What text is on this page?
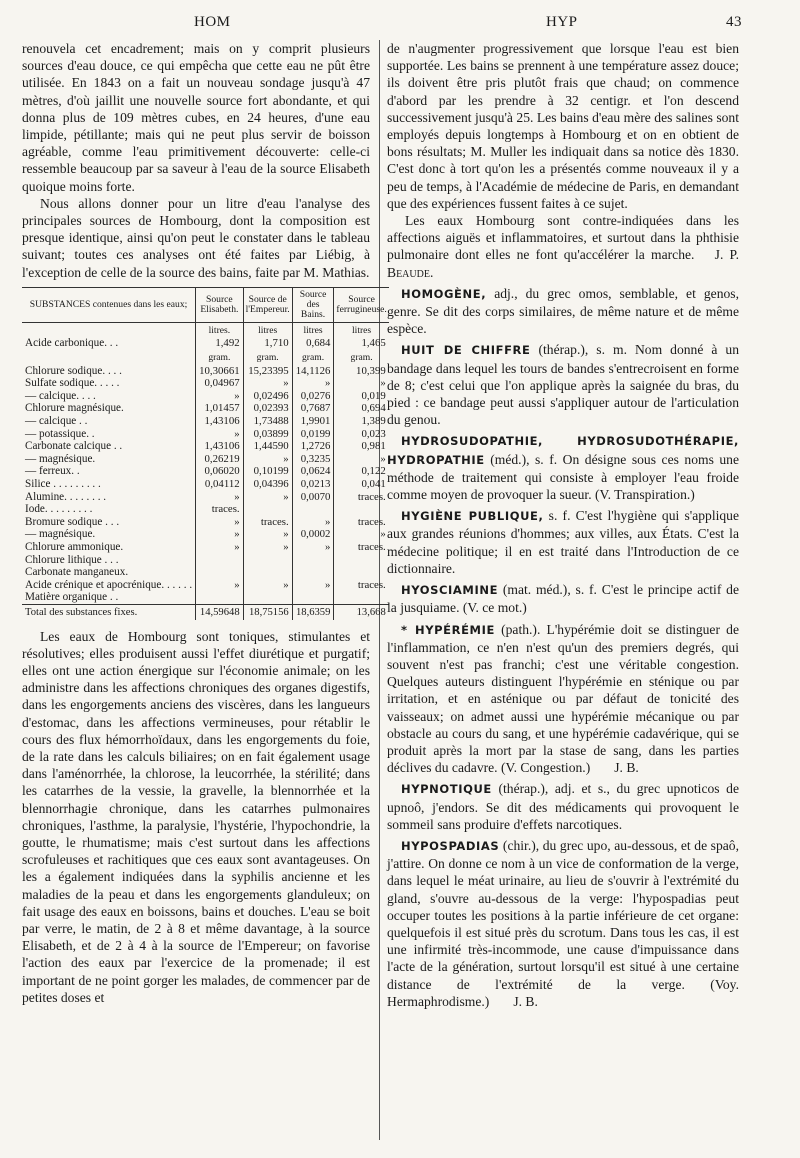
HOM	HYP	43

renouvela cet encadrement; mais on y comprit plusieurs sources d'eau douce, ce qui empêcha que cette eau ne pût être utilisée. En 1843 on a fait un nouveau sondage jusqu'à 47 mètres, d'où jaillit une nouvelle source fort abondante, et qui donna plus de 109 mètres cubes, en 24 heures, d'une eau limpide, pétillante; mais qui ne peut plus servir de boisson agréable, comme l'eau primitivement découverte: celle-ci ressemble beaucoup par sa saveur à l'eau de la source Elisabeth quoique moins forte.

Nous allons donner pour un litre d'eau l'analyse des principales sources de Hombourg, dont la composition est presque identique, ainsi qu'on peut le constater dans le tableau suivant; toutes ces analyses ont été faites par Liébig, à l'exception de celle de la source des bains, faite par M. Mathias.

SUBSTANCES contenues dans les eaux;	Source Elisabeth.	Source de l'Empereur.	Source des Bains.	Source ferrugineuse.
	litres.	litres	litres	litres
Acide carbonique. . .	1,492	1,710	0,684	1,465
	gram.	gram.	gram.	gram.
Chlorure sodique. . . .	10,30661	15,23395	14,1126	10,399
Sulfate sodique. . . . .	0,04967	»	»	»
— calcique. . . .	»	0,02496	0,0276	0,019
Chlorure magnésique.	1,01457	0,02393	0,7687	0,694
— calcique . .	1,43106	1,73488	1,9901	1,389
— potassique. .	»	0,03899	0,0199	0,023
Carbonate calcique . .	1,43106	1,44590	1,2726	0,981
— magnésique.	0,26219	»	0,3235	»
— ferreux. .	0,06020	0,10199	0,0624	0,122
Silice . . . . . . . . .	0,04112	0,04396	0,0213	0,041
Alumine. . . . . . . .	»	»	0,0070	traces.
Iode. . . . . . . . .	traces.			
Bromure sodique . . .	»	traces.	»	traces.
— magnésique.	»	»	0,0002	»
Chlorure ammonique.	»	»	»	traces.
Chlorure lithique . . .				
Carbonate manganeux.				
Acide crénique et apocrénique. . . . . .	»	»	»	traces.
Matière organique . .				
Total des substances fixes.	14,59648	18,75156	18,6359	13,668

Les eaux de Hombourg sont toniques, stimulantes et résolutives; elles produisent aussi l'effet diurétique et purgatif; elles ont une action énergique sur l'économie animale; on les administre dans les affections chroniques des organes digestifs, dans les engorgements anciens des viscères, dans les langueurs d'estomac, dans les affections vermineuses, pour rétablir le cours des flux hémorrhoïdaux, dans les engorgements du foie, de la rate dans les calculs biliaires; on en fait également usage dans l'aménorrhée, la chlorose, la leucorrhée, la stérilité; dans les catarrhes de la vessie, la gravelle, la blennorrhée et la blennorrhagie chronique, dans les catarrhes pulmonaires chroniques, l'asthme, la paralysie, l'hystérie, l'hypochondrie, la goutte, le rhumatisme; mais c'est surtout dans les affections scrofuleuses et rachitiques que ces eaux sont avantageuses. On les a également indiquées dans la syphilis ancienne et les maladies de la peau et dans les engorgements glanduleux; on fait usage des eaux en boissons, bains et douches. L'eau se boit par verre, le matin, de 2 à 8 et même davantage, à la source Elisabeth, et de 2 à 4 à la source de l'Empereur; on favorise l'action des eaux par l'exercice de la promenade; il est important de ne point gorger les malades, de commencer par de petites doses et

de n'augmenter progressivement que lorsque l'eau est bien supportée. Les bains se prennent à une température assez douce; ils doivent être pris plutôt frais que chaud; on commence d'abord par les prendre à 32 centigr. et l'on descend successivement jusqu'à 25. Les bains d'eau mère des salines sont employés depuis longtemps à Hombourg et on en obtient de bons résultats; M. Muller les indiquait dans sa notice dès 1830. C'est donc à tort qu'on les a présentés comme nouveaux il y a peu de temps, à l'Académie de médecine de Paris, en demandant que des expériences fussent faites à ce sujet.

Les eaux Hombourg sont contre-indiquées dans les affections aiguës et inflammatoires, et surtout dans la phthisie pulmonaire dont elles ne font qu'accélérer la marche. J. P. Beaude.

HOMOGÈNE, adj., du grec omos, semblable, et genos, genre. Se dit des corps similaires, de même nature et de même espèce.

HUIT DE CHIFFRE (thérap.), s. m. Nom donné à un bandage dans lequel les tours de bandes s'entrecroisent en forme de 8; c'est celui que l'on applique après la saignée du bras, du pied : ce bandage peut aussi s'appliquer autour de l'articulation du genou.

HYDROSUDOPATHIE, HYDROSUDOTHÉRAPIE, HYDROPATHIE (méd.), s. f. On désigne sous ces noms une méthode de traitement qui consiste à employer l'eau froide comme moyen de provoquer la sueur. (V. Transpiration.)

HYGIÈNE PUBLIQUE, s. f. C'est l'hygiène qui s'applique aux grandes réunions d'hommes; aux villes, aux États. C'est la médecine politique; il en est traité dans l'Introduction de ce dictionnaire.

HYOSCIAMINE (mat. méd.), s. f. C'est le principe actif de la jusquiame. (V. ce mot.)

* HYPÉRÉMIE (path.). L'hypérémie doit se distinguer de l'inflammation, ce n'en n'est qu'un des premiers degrés, qui souvent n'est pas franchi; c'est une véritable congestion. Quelques auteurs distinguent l'hypérémie en sténique ou par irritation, et en asténique ou par défaut de tonicité des vaisseaux; on admet aussi une hypérémie mécanique ou par obstacle au cours du sang, et une hypérémie cadavérique, qui se produit après la mort par la stase de sang, dans les parties déclives du cadavre. (V. Congestion.) J. B.

HYPNOTIQUE (thérap.), adj. et s., du grec upnoticos de upnoô, j'endors. Se dit des médicaments qui provoquent le sommeil sans produire d'effets narcotiques.

HYPOSPADIAS (chir.), du grec upo, au-dessous, et de spaô, j'attire. On donne ce nom à un vice de conformation de la verge, dans lequel le méat urinaire, au lieu de s'ouvrir à l'extrémité du gland, s'ouvre au-dessous de la verge: l'hypospadias peut occuper toutes les positions à la partie inférieure de cet organe: quelquefois il est situé près du scrotum. Dans tous les cas, il est une infirmité très-incommode, une cause d'impuissance dans l'acte de la génération, surtout lorsqu'il est situé à une certaine distance de l'extrémité de la verge. (Voy. Hermaphrodisme.) J. B.
